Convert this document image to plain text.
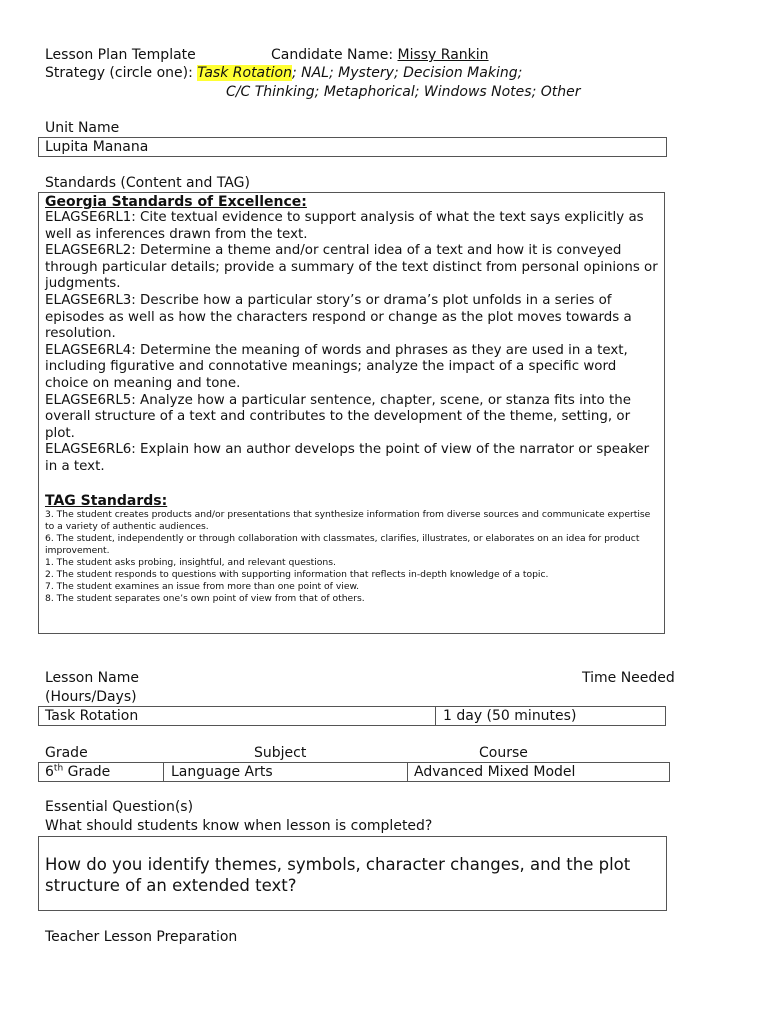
Lesson Plan Template	Candidate Name: Missy Rankin
Strategy (circle one): Task Rotation; NAL; Mystery; Decision Making;
C/C Thinking; Metaphorical; Windows Notes; Other
Unit Name
Lupita Manana
Standards (Content and TAG)
Georgia Standards of Excellence:

ELAGSE6RL1: Cite textual evidence to support analysis of what the text says explicitly as well as inferences drawn from the text.

ELAGSE6RL2: Determine a theme and/or central idea of a text and how it is conveyed through particular details; provide a summary of the text distinct from personal opinions or judgments.

ELAGSE6RL3: Describe how a particular story’s or drama’s plot unfolds in a series of episodes as well as how the characters respond or change as the plot moves towards a resolution.

ELAGSE6RL4: Determine the meaning of words and phrases as they are used in a text, including figurative and connotative meanings; analyze the impact of a specific word choice on meaning and tone.

ELAGSE6RL5: Analyze how a particular sentence, chapter, scene, or stanza fits into the overall structure of a text and contributes to the development of the theme, setting, or plot.

ELAGSE6RL6: Explain how an author develops the point of view of the narrator or speaker in a text.

TAG Standards:

3. The student creates products and/or presentations that synthesize information from diverse sources and communicate expertise to a variety of authentic audiences.

6. The student, independently or through collaboration with classmates, clarifies, illustrates, or elaborates on an idea for product improvement.

1. The student asks probing, insightful, and relevant questions.

2. The student responds to questions with supporting information that reflects in-depth knowledge of a topic.

7. The student examines an issue from more than one point of view.

8. The student separates one’s own point of view from that of others.

Lesson Name	Time Needed
(Hours/Days)
Task Rotation	1 day (50 minutes)
Grade	Subject	Course
6th Grade	Language Arts	Advanced Mixed Model
Essential Question(s)
What should students know when lesson is completed?
How do you identify themes, symbols, character changes, and the plot structure of an extended text?
Teacher Lesson Preparation
